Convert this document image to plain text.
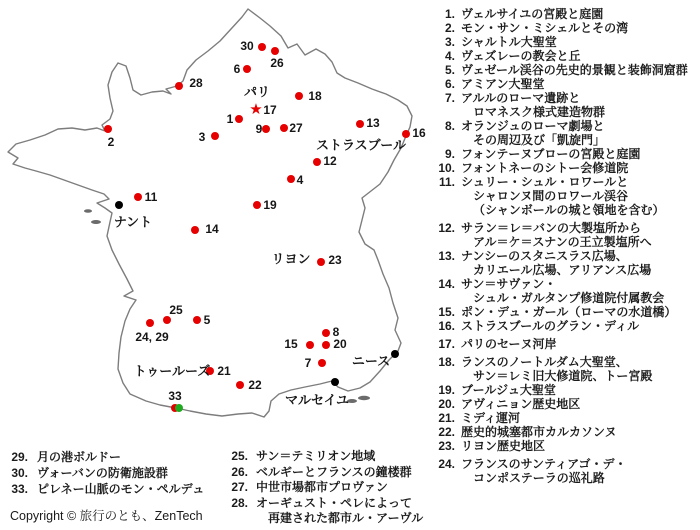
30
26
6
28
18
★ 17
1
9 27
3
13
16
12
4
2
11
14
19
23
25
24, 29
5
21
22
33
8
15	20
7
パリ
ストラスブール
ナント
リヨン
トゥールーズ
ニース
マルセイユ
1. ヴェルサイユの宮殿と庭園
2. モン・サン・ミシェルとその湾
3. シャルトル大聖堂
4. ヴェズレーの教会と丘
5. ヴェゼール渓谷の先史的景観と装飾洞窟群
6. アミアン大聖堂
7. アルルのローマ遺跡と
ロマネスク様式建造物群
8. オランジュのローマ劇場と
その周辺及び「凱旋門」
9. フォンテーヌブローの宮殿と庭園
10. フォントネーのシトー会修道院
11. シュリー・シュル・ロワールと
シャロンヌ間のロワール渓谷
（シャンボールの城と領地を含む）
12. サラン＝レ＝バンの大製塩所から
アル＝ケ＝スナンの王立製塩所へ
13. ナンシーのスタニスラス広場、
カリエール広場、アリアンス広場
14. サン＝サヴァン・
シュル・ガルタンプ修道院付属教会
15. ポン・デュ・ガール（ローマの水道橋）
16. ストラスブールのグラン・ディル
17. パリのセーヌ河岸
18. ランスのノートルダム大聖堂、
サン＝レミ旧大修道院、トー宮殿
19. ブールジュ大聖堂
20. アヴィニョン歴史地区
21. ミディ運河
22. 歴史的城塞都市カルカソンヌ
23. リヨン歴史地区
24. フランスのサンティアゴ・デ・
コンポステーラの巡礼路
29. 月の港ボルドー
30. ヴォーバンの防衛施設群
33. ピレネー山脈のモン・ペルデュ
25. サン＝テミリオン地域
26. ベルギーとフランスの鐘楼群
27. 中世市場都市プロヴァン
28. オーギュスト・ペレによって
再建された都市ル・アーヴル
Copyright © 旅行のとも、ZenTech
